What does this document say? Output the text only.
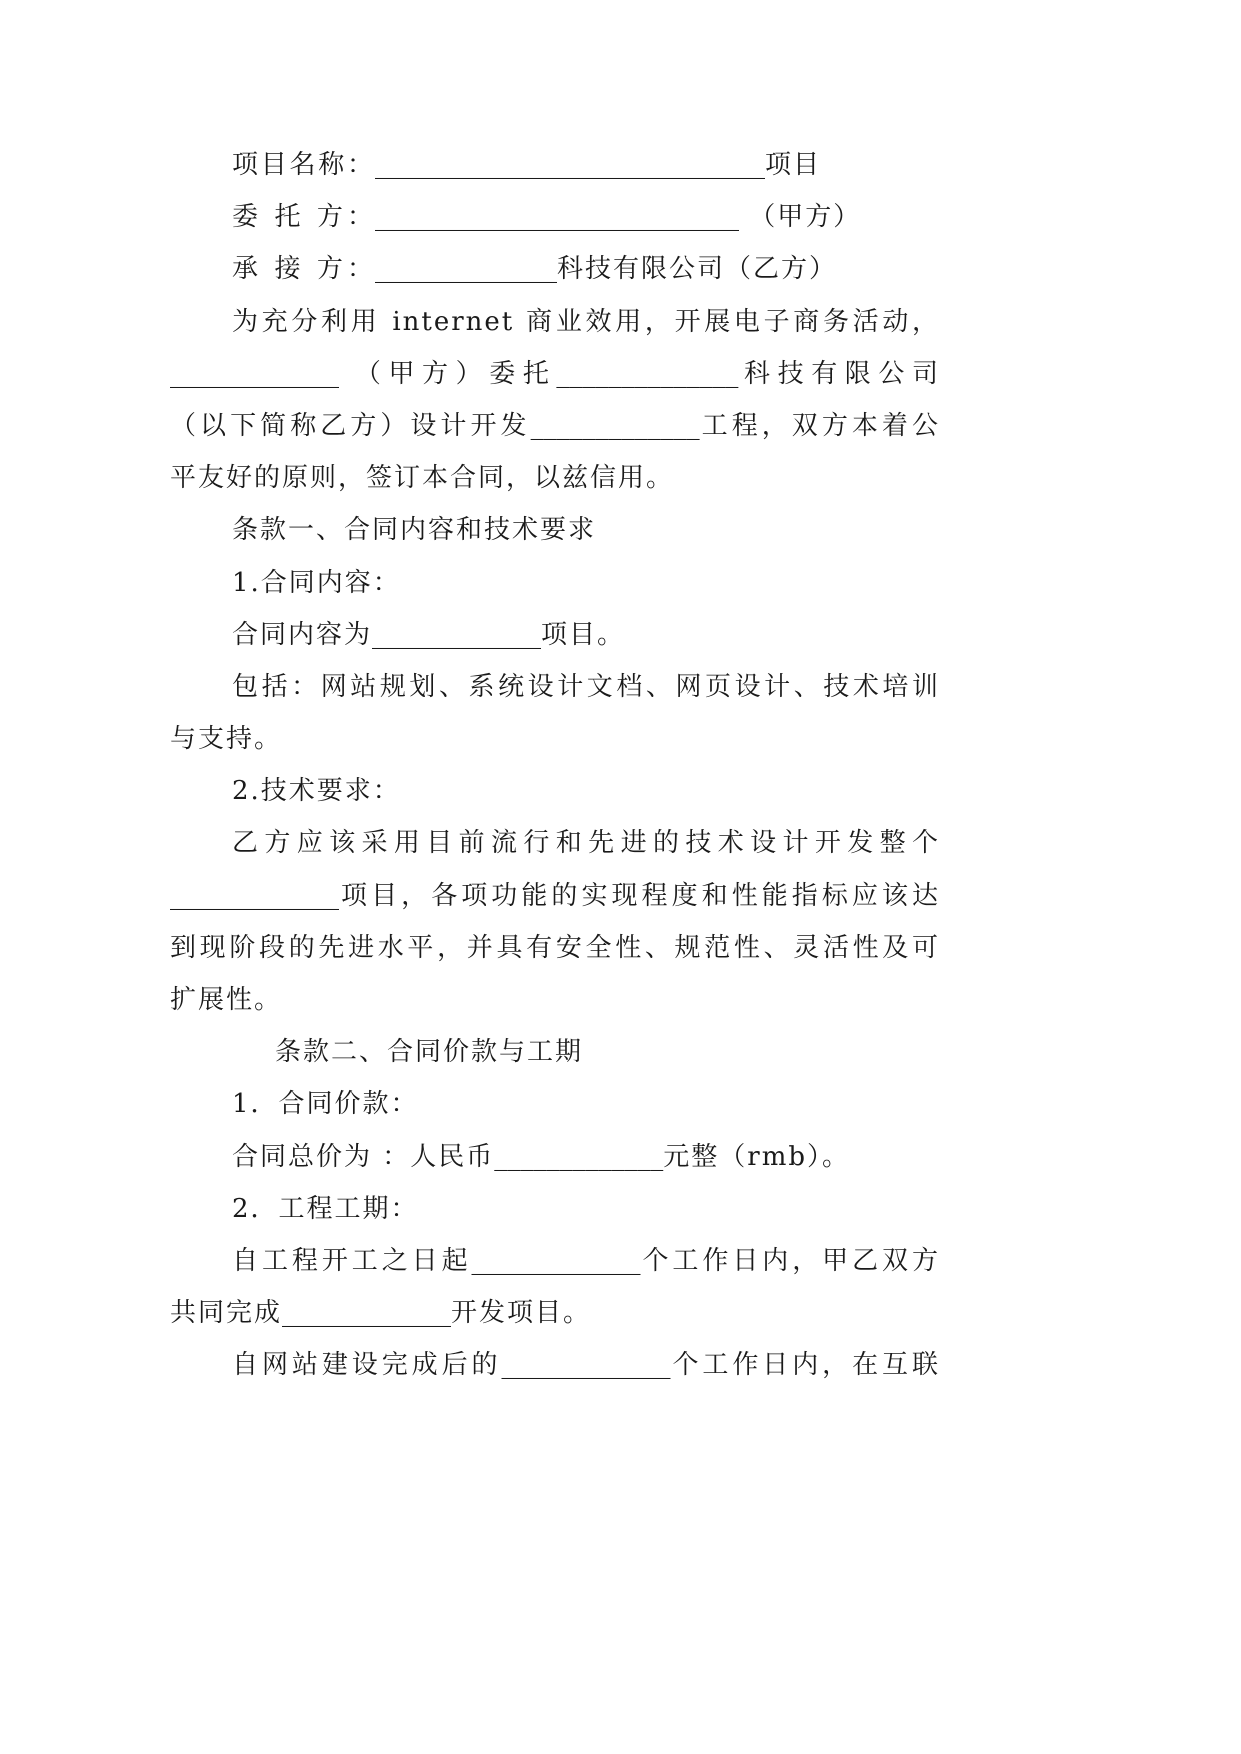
项目名称：______________________________项目
委 托 方：____________________________ （甲方）
承 接 方：______________科技有限公司（乙方）
为充分利用 internet 商业效用，开展电子商务活动，
_____________ （甲方）委托______________科技有限公司
（以下简称乙方）设计开发_____________工程，双方本着公
平友好的原则，签订本合同，以兹信用。
条款一、合同内容和技术要求
1.合同内容：
合同内容为_____________项目。
包括：网站规划、系统设计文档、网页设计、技术培训
与支持。
2.技术要求：
乙方应该采用目前流行和先进的技术设计开发整个
_____________项目，各项功能的实现程度和性能指标应该达
到现阶段的先进水平，并具有安全性、规范性、灵活性及可
扩展性。
条款二、合同价款与工期
1．合同价款：
合同总价为 ：人民币_____________元整（rmb）。
2．工程工期：
自工程开工之日起_____________个工作日内，甲乙双方
共同完成_____________开发项目。
自网站建设完成后的_____________个工作日内，在互联
